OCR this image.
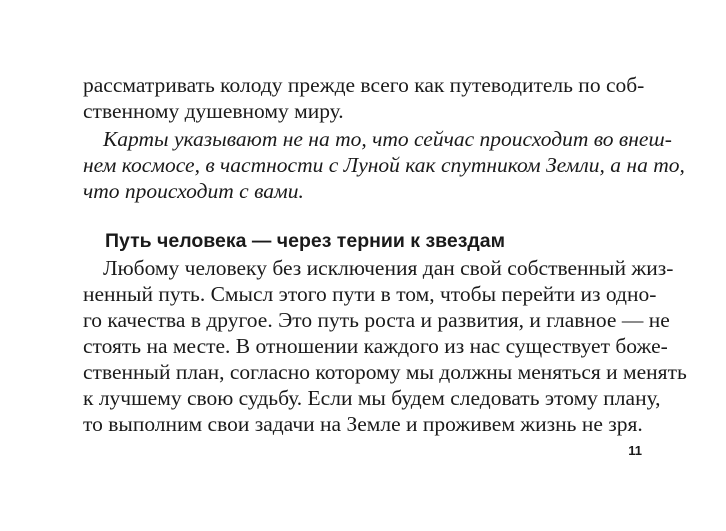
рассматривать колоду прежде всего как путеводитель по соб-
ственному душевному миру.
Карты указывают не на то, что сейчас происходит во внеш-
нем космосе, в частности с Луной как спутником Земли, а на то,
что происходит с вами.
Путь человека — через тернии к звездам
Любому человеку без исключения дан свой собственный жиз-
ненный путь. Смысл этого пути в том, чтобы перейти из одно-
го качества в другое. Это путь роста и развития, и главное — не
стоять на месте. В отношении каждого из нас существует боже-
ственный план, согласно которому мы должны меняться и менять
к лучшему свою судьбу. Если мы будем следовать этому плану,
то выполним свои задачи на Земле и проживем жизнь не зря.
11
